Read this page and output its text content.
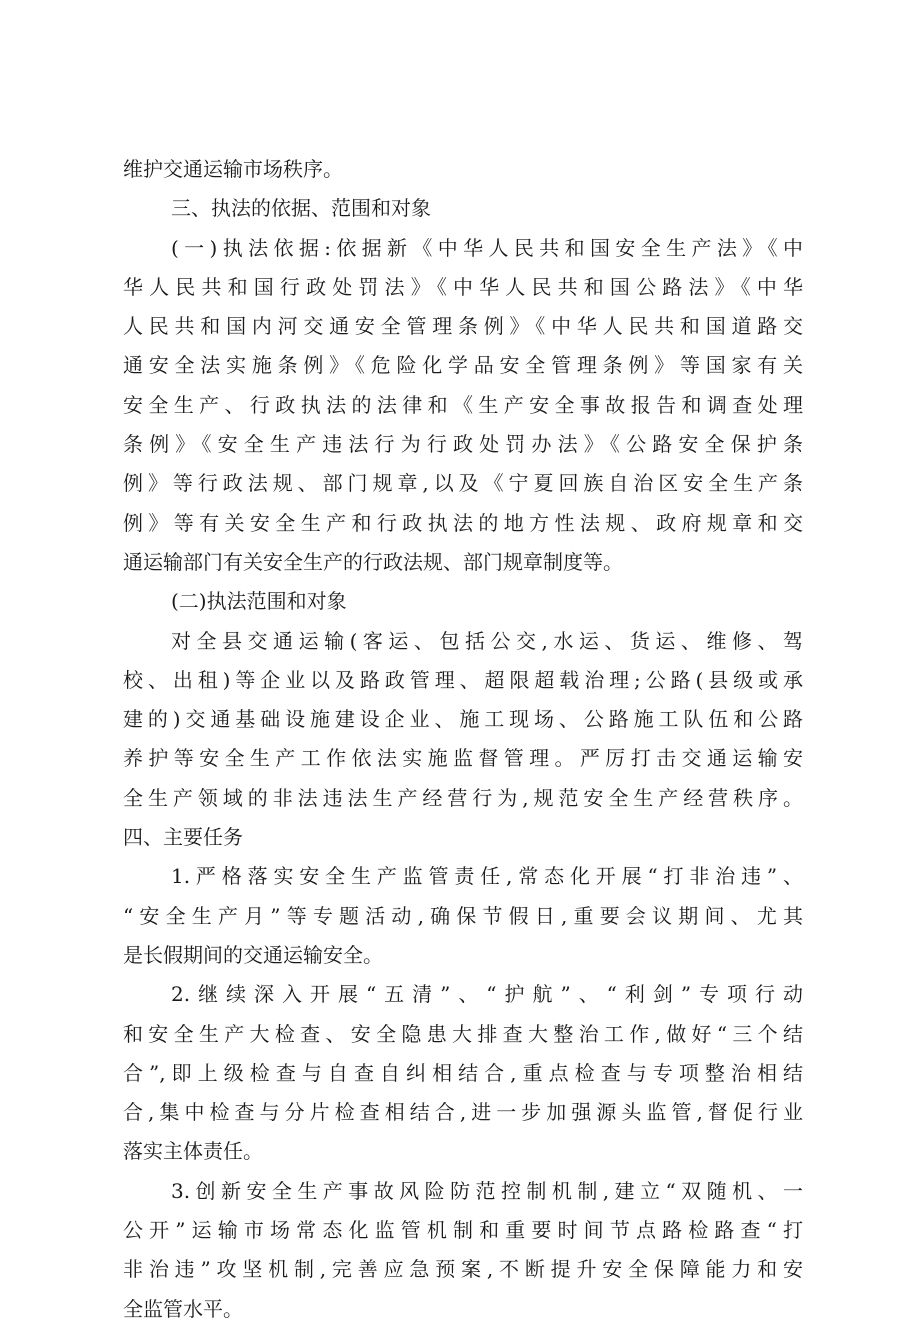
维护交通运输市场秩序。
三、执法的依据、范围和对象
(一)执法依据:依据新《中华人民共和国安全生产法》《中
华人民共和国行政处罚法》《中华人民共和国公路法》《中华
人民共和国内河交通安全管理条例》《中华人民共和国道路交
通安全法实施条例》《危险化学品安全管理条例》等国家有关
安全生产、行政执法的法律和《生产安全事故报告和调查处理
条例》《安全生产违法行为行政处罚办法》《公路安全保护条
例》等行政法规、部门规章,以及《宁夏回族自治区安全生产条
例》等有关安全生产和行政执法的地方性法规、政府规章和交
通运输部门有关安全生产的行政法规、部门规章制度等。
(二)执法范围和对象
对全县交通运输(客运、包括公交,水运、货运、维修、驾
校、出租)等企业以及路政管理、超限超载治理;公路(县级或承
建的)交通基础设施建设企业、施工现场、公路施工队伍和公路
养护等安全生产工作依法实施监督管理。严厉打击交通运输安
全生产领域的非法违法生产经营行为,规范安全生产经营秩序。
四、主要任务
1.严格落实安全生产监管责任,常态化开展“打非治违”、
“安全生产月”等专题活动,确保节假日,重要会议期间、尤其
是长假期间的交通运输安全。
2.继续深入开展“五清”、“护航”、“利剑”专项行动
和安全生产大检查、安全隐患大排查大整治工作,做好“三个结
合”,即上级检查与自查自纠相结合,重点检查与专项整治相结
合,集中检查与分片检查相结合,进一步加强源头监管,督促行业
落实主体责任。
3.创新安全生产事故风险防范控制机制,建立“双随机、一
公开”运输市场常态化监管机制和重要时间节点路检路查“打
非治违”攻坚机制,完善应急预案,不断提升安全保障能力和安
全监管水平。
